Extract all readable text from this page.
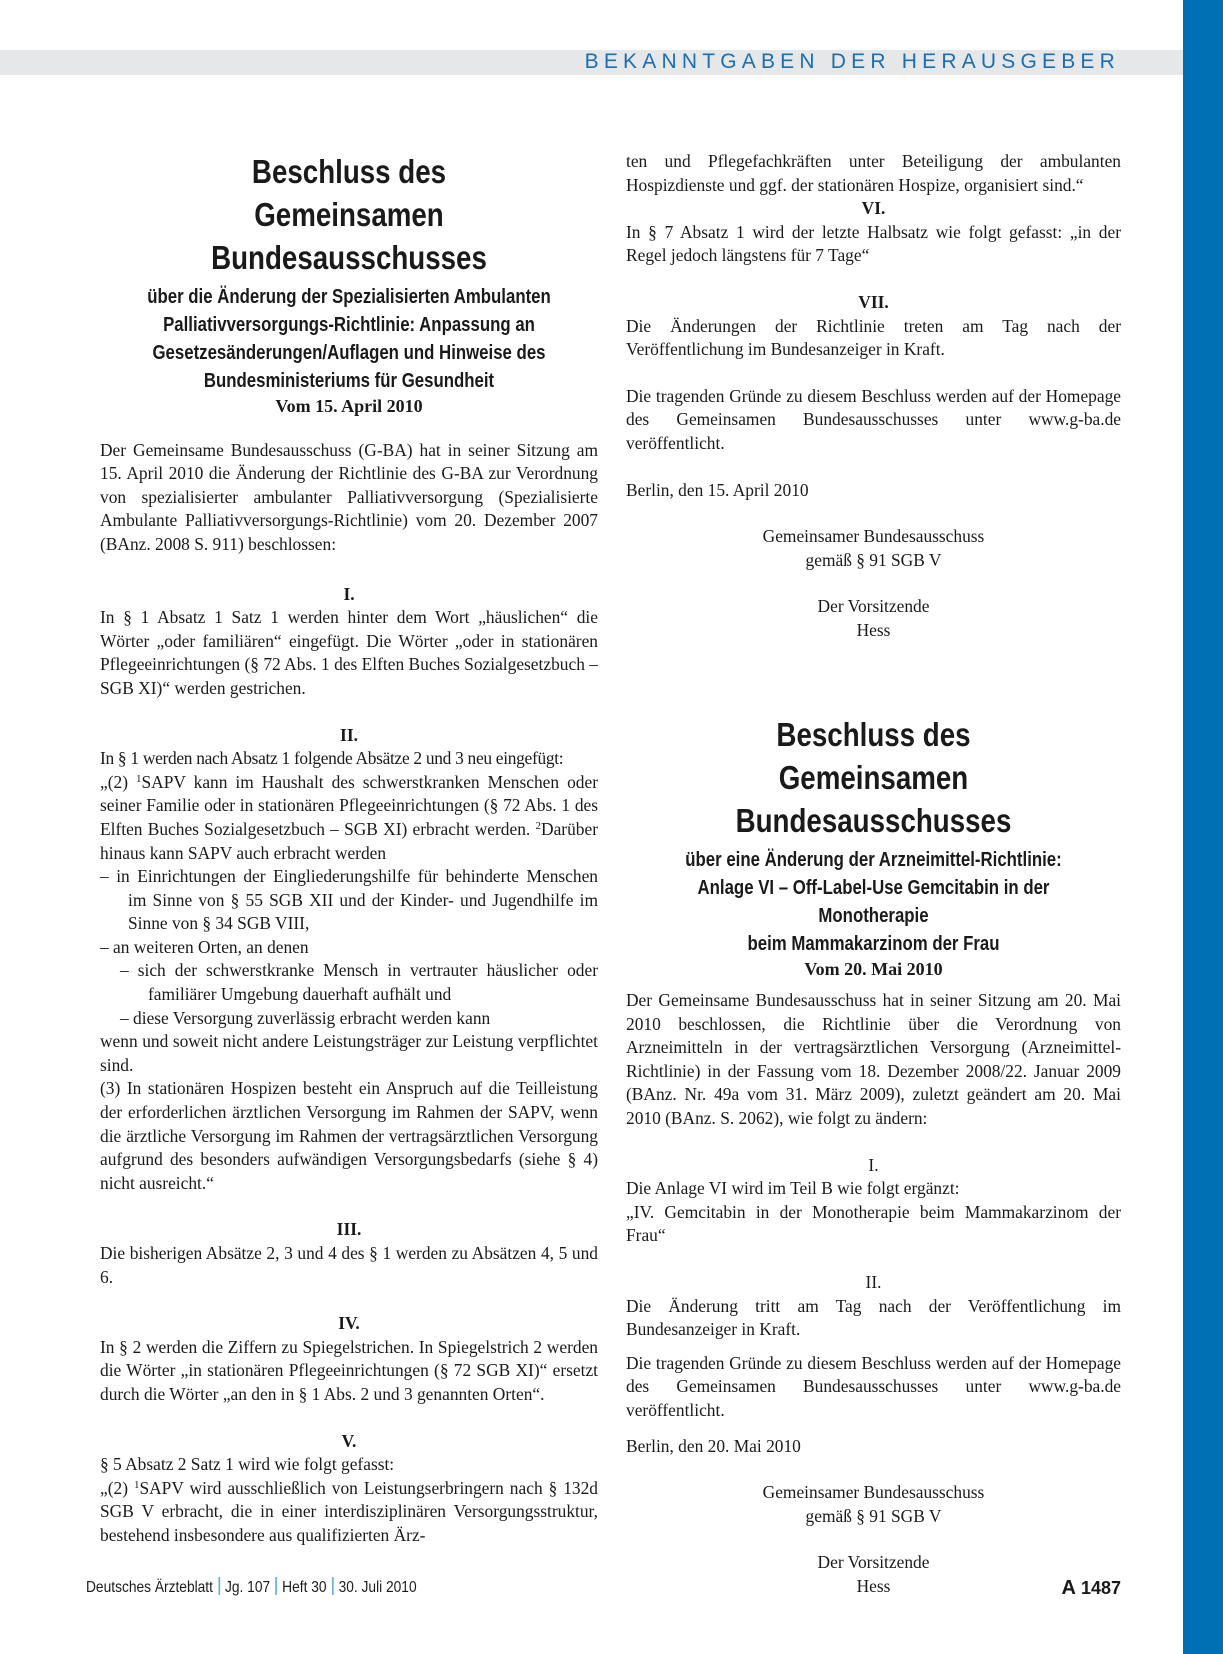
BEKANNTGABEN DER HERAUSGEBER

Beschluss des

Gemeinsamen Bundesausschusses

über die Änderung der Spezialisierten Ambulanten

Palliativversorgungs-Richtlinie: Anpassung an

Gesetzesänderungen/Auflagen und Hinweise des

Bundesministeriums für Gesundheit

Vom 15. April 2010

Der Gemeinsame Bundesausschuss (G-BA) hat in seiner Sitzung am 15. April 2010 die Änderung der Richtlinie des G-BA zur Verordnung von spezialisierter ambulanter Palliativversorgung (Spezialisierte Ambulante Palliativversorgungs-Richtlinie) vom 20. Dezember 2007 (BAnz. 2008 S. 911) beschlossen:

I.

In § 1 Absatz 1 Satz 1 werden hinter dem Wort „häuslichen“ die Wörter „oder familiären“ eingefügt. Die Wörter „oder in stationären Pflegeeinrichtungen (§ 72 Abs. 1 des Elften Buches Sozialgesetzbuch – SGB XI)“ werden gestrichen.

II.

In § 1 werden nach Absatz 1 folgende Absätze 2 und 3 neu eingefügt:

„(2) $^1$SAPV kann im Haushalt des schwerstkranken Menschen oder seiner Familie oder in stationären Pflegeeinrichtungen (§ 72 Abs. 1 des Elften Buches Sozialgesetzbuch – SGB XI) erbracht werden. $^2$Darüber hinaus kann SAPV auch erbracht werden

– in Einrichtungen der Eingliederungshilfe für behinderte Menschen im Sinne von § 55 SGB XII und der Kinder- und Jugendhilfe im Sinne von § 34 SGB VIII,

– an weiteren Orten, an denen

– sich der schwerstkranke Mensch in vertrauter häuslicher oder familiärer Umgebung dauerhaft aufhält und

– diese Versorgung zuverlässig erbracht werden kann

wenn und soweit nicht andere Leistungsträger zur Leistung verpflichtet sind.

(3) In stationären Hospizen besteht ein Anspruch auf die Teilleistung der erforderlichen ärztlichen Versorgung im Rahmen der SAPV, wenn die ärztliche Versorgung im Rahmen der vertragsärztlichen Versorgung aufgrund des besonders aufwändigen Versorgungsbedarfs (siehe § 4) nicht ausreicht.“

III.

Die bisherigen Absätze 2, 3 und 4 des § 1 werden zu Absätzen 4, 5 und 6.

IV.

In § 2 werden die Ziffern zu Spiegelstrichen. In Spiegelstrich 2 werden die Wörter „in stationären Pflegeeinrichtungen (§ 72 SGB XI)“ ersetzt durch die Wörter „an den in § 1 Abs. 2 und 3 genannten Orten“.

V.

§ 5 Absatz 2 Satz 1 wird wie folgt gefasst:

„(2) $^1$SAPV wird ausschließlich von Leistungserbringern nach § 132d SGB V erbracht, die in einer interdisziplinären Versorgungsstruktur, bestehend insbesondere aus qualifizierten Ärz-

ten und Pflegefachkräften unter Beteiligung der ambulanten Hospizdienste und ggf. der stationären Hospize, organisiert sind.“

VI.

In § 7 Absatz 1 wird der letzte Halbsatz wie folgt gefasst: „in der Regel jedoch längstens für 7 Tage“

VII.

Die Änderungen der Richtlinie treten am Tag nach der Veröffentlichung im Bundesanzeiger in Kraft.

Die tragenden Gründe zu diesem Beschluss werden auf der Homepage des Gemeinsamen Bundesausschusses unter www.g-ba.de veröffentlicht.

Berlin, den 15. April 2010

Gemeinsamer Bundesausschuss

gemäß § 91 SGB V

Der Vorsitzende

Hess

Beschluss des

Gemeinsamen Bundesausschusses

über eine Änderung der Arzneimittel-Richtlinie:

Anlage VI – Off-Label-Use Gemcitabin in der Monotherapie

beim Mammakarzinom der Frau

Vom 20. Mai 2010

Der Gemeinsame Bundesausschuss hat in seiner Sitzung am 20. Mai 2010 beschlossen, die Richtlinie über die Verordnung von Arzneimitteln in der vertragsärztlichen Versorgung (Arzneimittel-Richtlinie) in der Fassung vom 18. Dezember 2008/22. Januar 2009 (BAnz. Nr. 49a vom 31. März 2009), zuletzt geändert am 20. Mai 2010 (BAnz. S. 2062), wie folgt zu ändern:

I.

Die Anlage VI wird im Teil B wie folgt ergänzt:

„IV. Gemcitabin in der Monotherapie beim Mammakarzinom der Frau“

II.

Die Änderung tritt am Tag nach der Veröffentlichung im Bundesanzeiger in Kraft.

Die tragenden Gründe zu diesem Beschluss werden auf der Homepage des Gemeinsamen Bundesausschusses unter www.g-ba.de veröffentlicht.

Berlin, den 20. Mai 2010

Gemeinsamer Bundesausschuss

gemäß § 91 SGB V

Der Vorsitzende

Hess

Deutsches Ärzteblatt Jg. 107 Heft 30 30. Juli 2010	A 1487
